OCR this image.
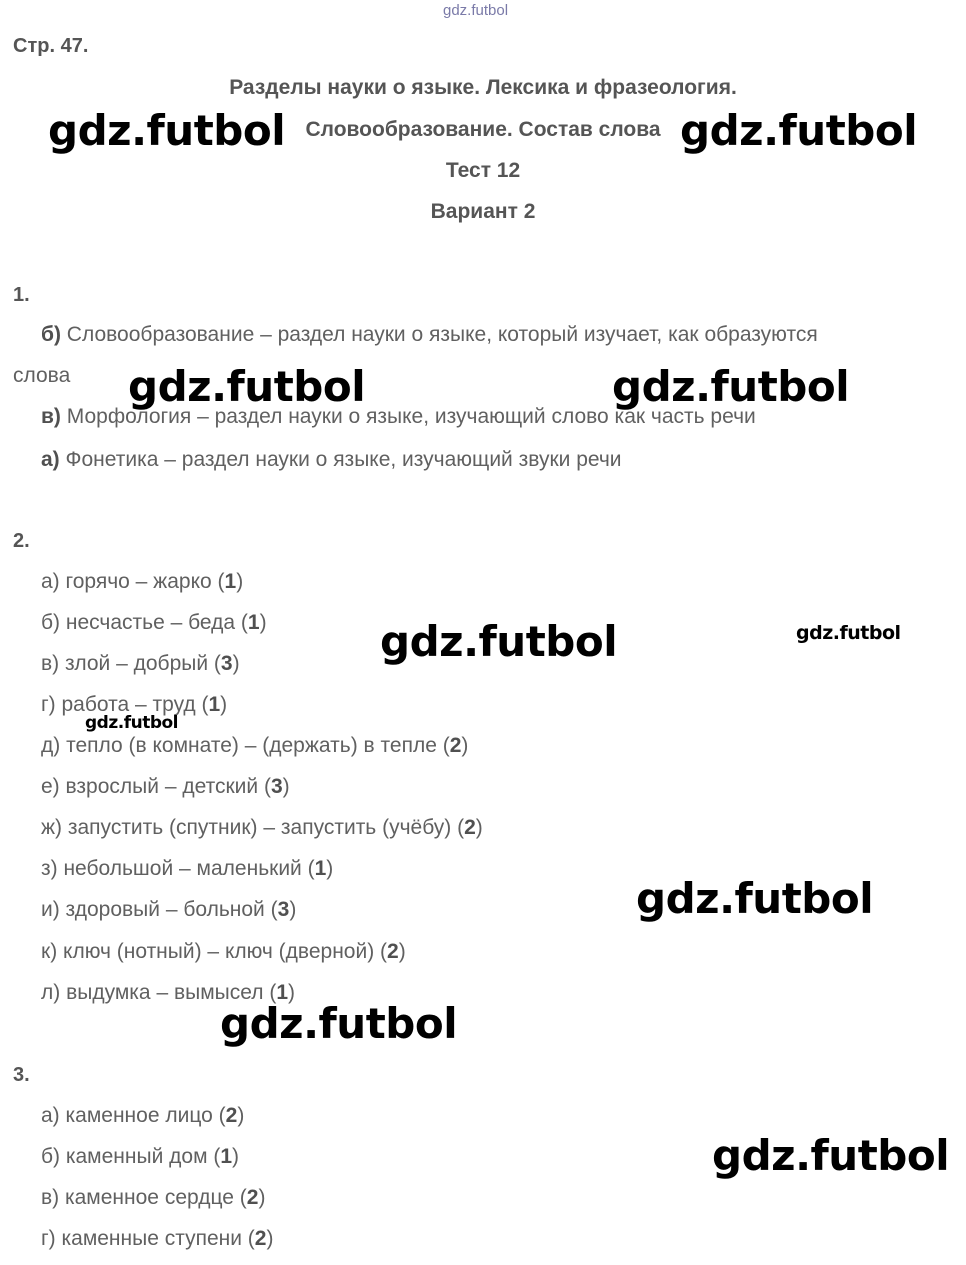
gdz.futbol
Стр. 47.
Разделы науки о языке. Лексика и фразеология.
Словообразование. Состав слова
Тест 12
Вариант 2
1.
б) Словообразование – раздел науки о языке, который изучает, как образуются
слова
в) Морфология – раздел науки о языке, изучающий слово как часть речи
а) Фонетика – раздел науки о языке, изучающий звуки речи
2.
а) горячо – жарко (1)
б) несчастье – беда (1)
в) злой – добрый (3)
г) работа – труд (1)
д) тепло (в комнате) – (держать) в тепле (2)
е) взрослый – детский (3)
ж) запустить (спутник) – запустить (учёбу) (2)
з) небольшой – маленький (1)
и) здоровый – больной (3)
к) ключ (нотный) – ключ (дверной) (2)
л) выдумка – вымысел (1)
3.
а) каменное лицо (2)
б) каменный дом (1)
в) каменное сердце (2)
г) каменные ступени (2)
gdz.futbol	gdz.futbol
gdz.futbol	gdz.futbol
gdz.futbol	gdz.futbol
gdz.futbol
gdz.futbol
gdz.futbol
gdz.futbol
